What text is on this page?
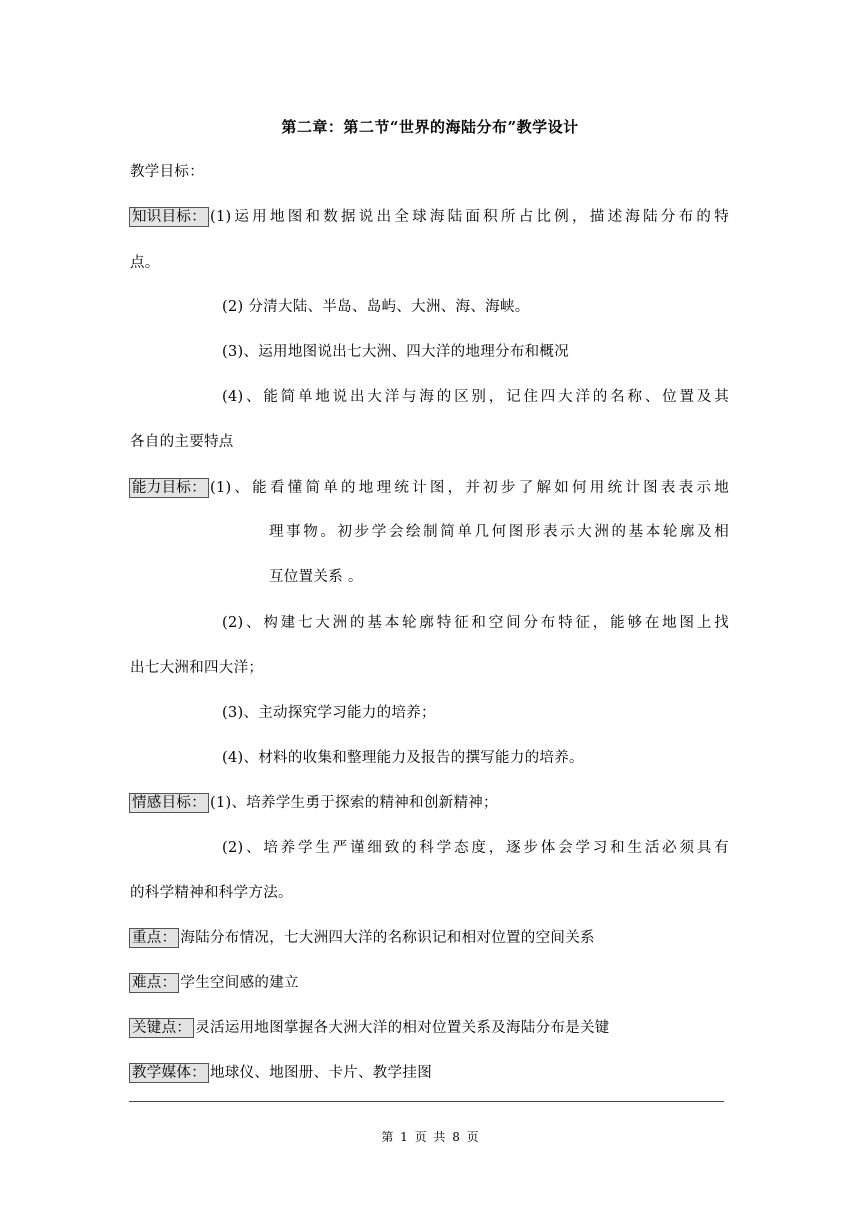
第二章：第二节“世界的海陆分布”教学设计
教学目标：
知识目标： (1)运用地图和数据说出全球海陆面积所占比例，描述海陆分布的特
点。
(2) 分清大陆、半岛、岛屿、大洲、海、海峡。
(3)、运用地图说出七大洲、四大洋的地理分布和概况
(4)、能简单地说出大洋与海的区别，记住四大洋的名称、位置及其
各自的主要特点
能力目标： (1)、能看懂简单的地理统计图，并初步了解如何用统计图表表示地
理事物。初步学会绘制简单几何图形表示大洲的基本轮廓及相
互位置关系 。
(2)、构建七大洲的基本轮廓特征和空间分布特征，能够在地图上找
出七大洲和四大洋；
(3)、主动探究学习能力的培养；
(4)、材料的收集和整理能力及报告的撰写能力的培养。
情感目标： (1)、培养学生勇于探索的精神和创新精神；
(2)、培养学生严谨细致的科学态度，逐步体会学习和生活必须具有
的科学精神和科学方法。
重点： 海陆分布情况，七大洲四大洋的名称识记和相对位置的空间关系
难点： 学生空间感的建立
关键点： 灵活运用地图掌握各大洲大洋的相对位置关系及海陆分布是关键
教学媒体： 地球仪、地图册、卡片、教学挂图
第 1 页 共 8 页
